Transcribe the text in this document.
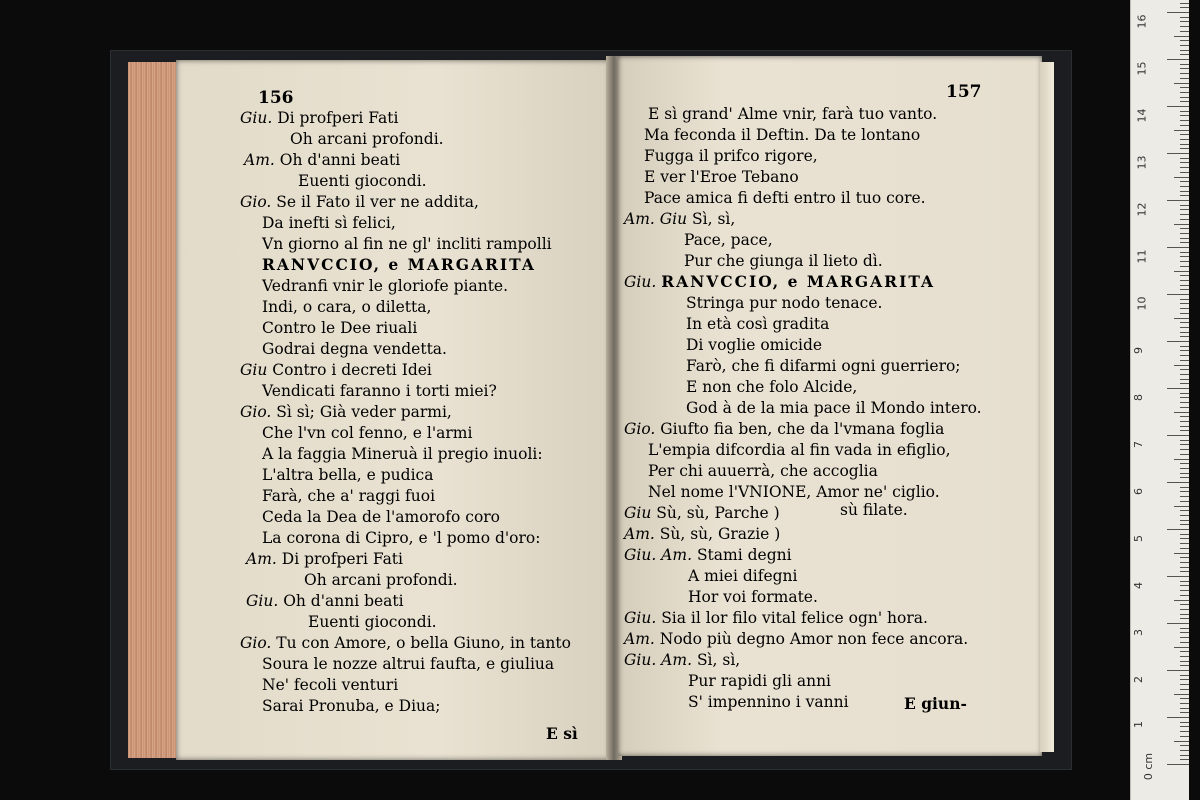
156
Giu. Di profperi Fati
Oh arcani profondi.
Am. Oh d'anni beati
Euenti giocondi.
Gio. Se il Fato il ver ne addita,
Da inefti sì felici,
Vn giorno al fin ne gl' incliti rampolli
RANVCCIO, e MARGARITA
Vedranfi vnir le gloriofe piante.
Indi, o cara, o diletta,
Contro le Dee riuali
Godrai degna vendetta.
Giu Contro i decreti Idei
Vendicati faranno i torti miei?
Gio. Sì sì; Già veder parmi,
Che l'vn col fenno, e l'armi
A la faggia Mineruà il pregio inuoli:
L'altra bella, e pudica
Farà, che a' raggi fuoi
Ceda la Dea de l'amorofo coro
La corona di Cipro, e 'l pomo d'oro:
Am. Di profperi Fati
Oh arcani profondi.
Giu. Oh d'anni beati
Euenti giocondi.
Gio. Tu con Amore, o bella Giuno, in tanto
Soura le nozze altrui faufta, e giuliua
Ne' fecoli venturi
Sarai Pronuba, e Diua;
E sì
157
E sì grand' Alme vnir, farà tuo vanto.
Ma feconda il Deftin. Da te lontano
Fugga il prifco rigore,
E ver l'Eroe Tebano
Pace amica fi defti entro il tuo core.
Am. Giu Sì, sì,
Pace, pace,
Pur che giunga il lieto dì.
Giu. RANVCCIO, e MARGARITA
Stringa pur nodo tenace.
In età così gradita
Di voglie omicide
Farò, che fi difarmi ogni guerriero;
E non che folo Alcide,
God à de la mia pace il Mondo intero.
Gio. Giufto fia ben, che da l'vmana foglia
L'empia difcordia al fin vada in efiglio,
Per chi auuerrà, che accoglia
Nel nome l'VNIONE, Amor ne' ciglio.
Giu Sù, sù, Parche )
Am. Sù, sù, Grazie )
Giu. Am. Stami degni
A miei difegni
Hor voi formate.
Giu. Sia il lor filo vital felice ogn' hora.
Am. Nodo più degno Amor non fece ancora.
Giu. Am. Sì, sì,
Pur rapidi gli anni
S' impennino i vanni
sù filate.
E giun-
0 cm
1
2
3
4
5
6
7
8
9
10
11
12
13
14
15
16
